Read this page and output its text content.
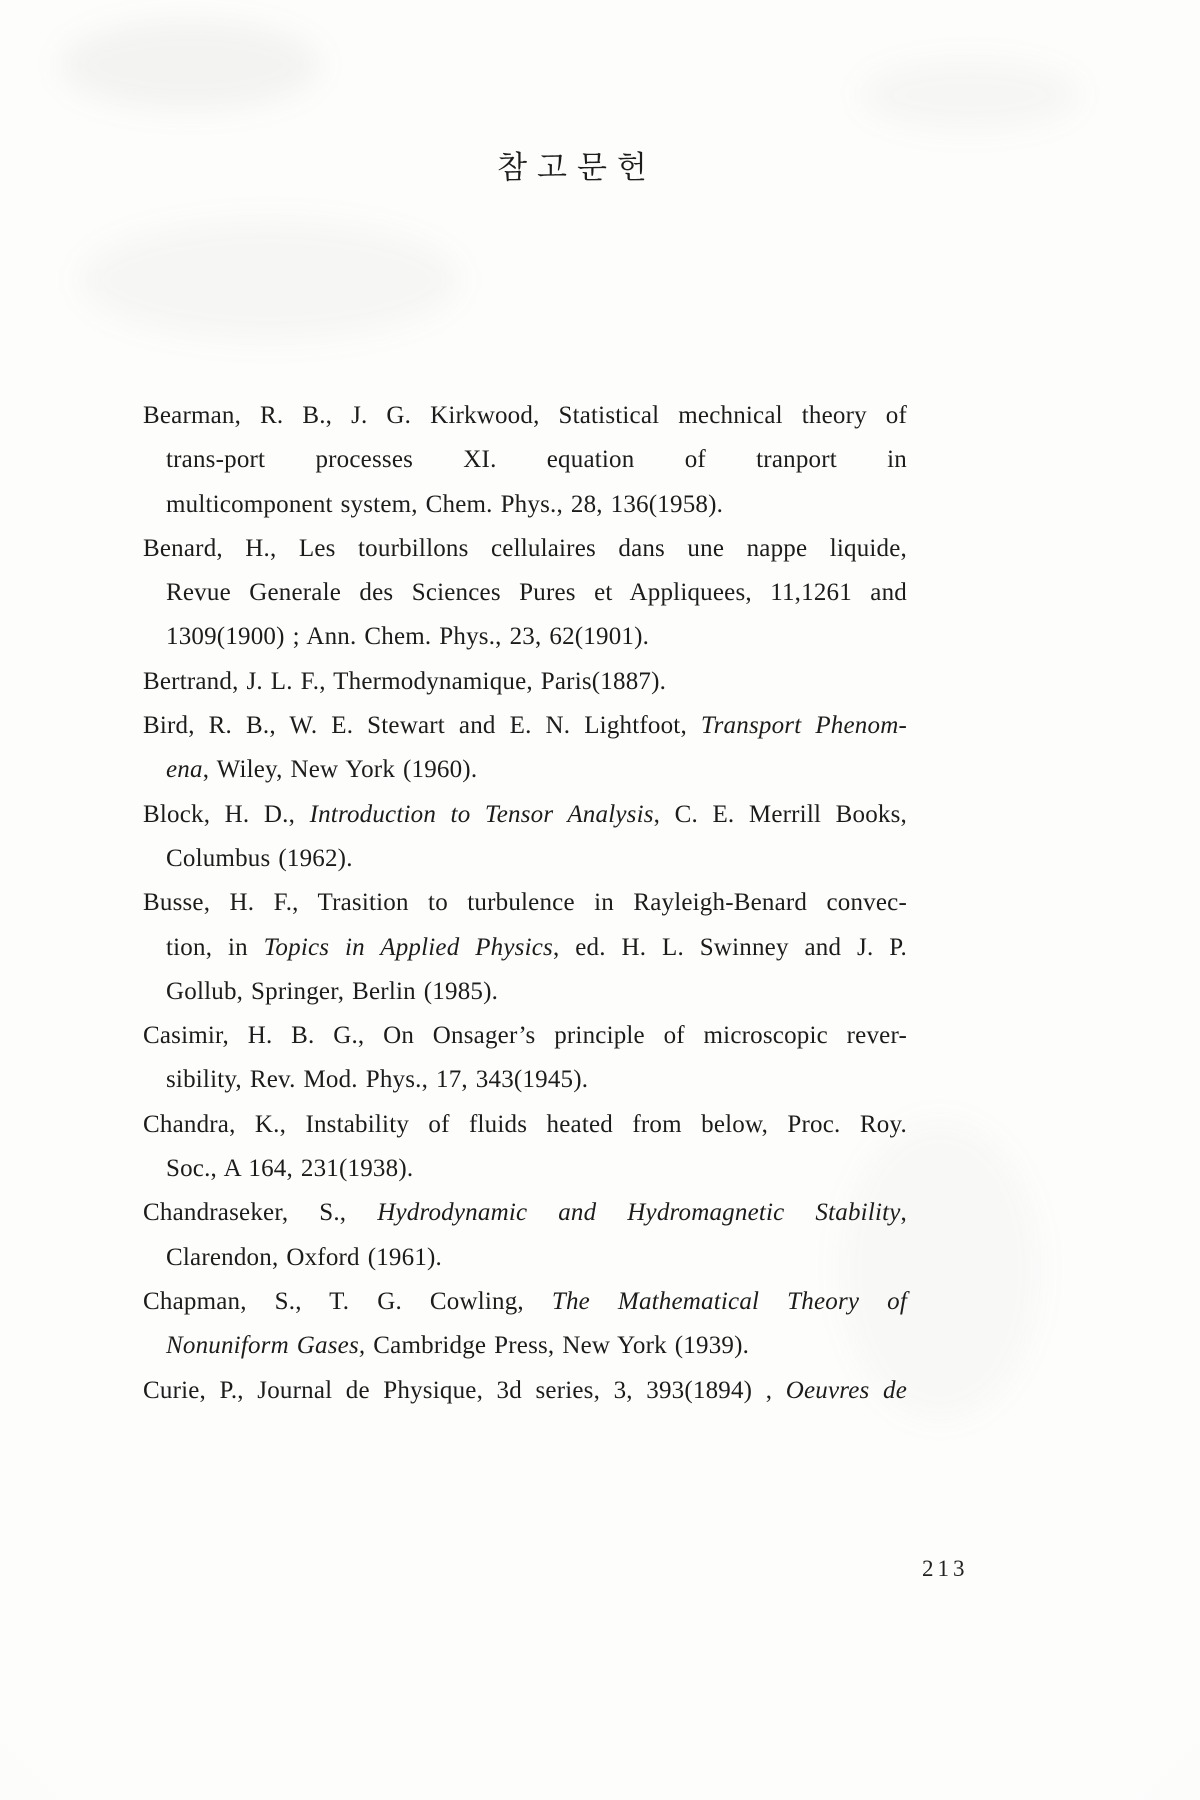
참고문헌
Bearman, R. B., J. G. Kirkwood, Statistical mechnical theory of
trans-port processes XI. equation of tranport in
multicomponent system, Chem. Phys., 28, 136(1958).
Benard, H., Les tourbillons cellulaires dans une nappe liquide,
Revue Generale des Sciences Pures et Appliquees, 11,1261 and
1309(1900) ; Ann. Chem. Phys., 23, 62(1901).
Bertrand, J. L. F., Thermodynamique, Paris(1887).
Bird, R. B., W. E. Stewart and E. N. Lightfoot, Transport Phenom-
ena, Wiley, New York (1960).
Block, H. D., Introduction to Tensor Analysis, C. E. Merrill Books,
Columbus (1962).
Busse, H. F., Trasition to turbulence in Rayleigh-Benard convec-
tion, in Topics in Applied Physics, ed. H. L. Swinney and J. P.
Gollub, Springer, Berlin (1985).
Casimir, H. B. G., On Onsager’s principle of microscopic rever-
sibility, Rev. Mod. Phys., 17, 343(1945).
Chandra, K., Instability of fluids heated from below, Proc. Roy.
Soc., A 164, 231(1938).
Chandraseker, S., Hydrodynamic and Hydromagnetic Stability,
Clarendon, Oxford (1961).
Chapman, S., T. G. Cowling, The Mathematical Theory of
Nonuniform Gases, Cambridge Press, New York (1939).
Curie, P., Journal de Physique, 3d series, 3, 393(1894) , Oeuvres de
213
